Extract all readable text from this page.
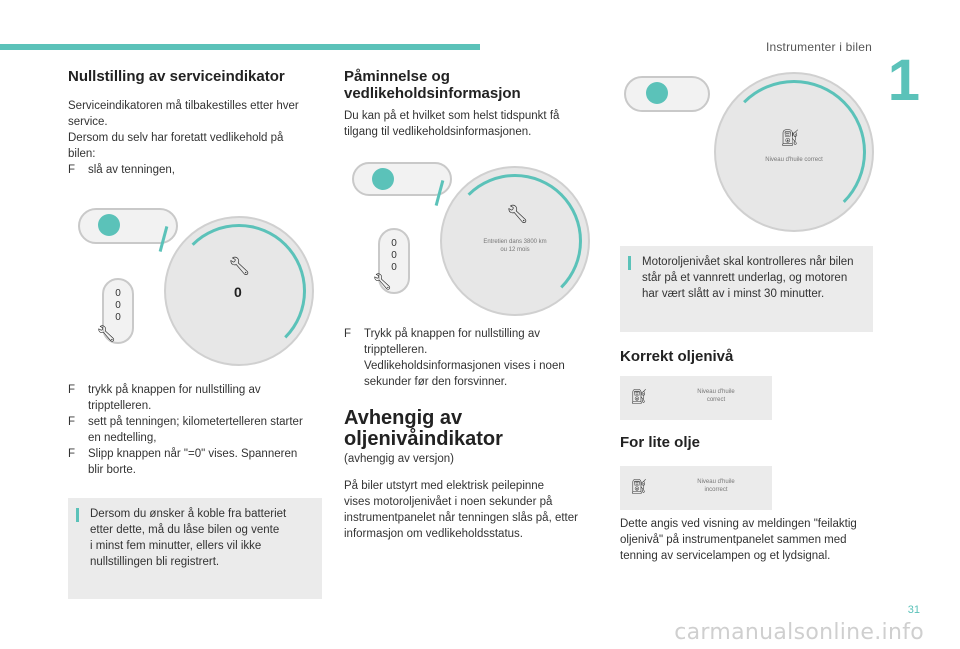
Instrumenter i bilen
1
Nullstilling av serviceindikator
Serviceindikatoren må tilbakestilles etter hver
service.
Dersom du selv har foretatt vedlikehold på
bilen:
F	slå av tenningen,
🔧︎
0
0
0
0
🔧︎
F	trykk på knappen for nullstilling av
tripptelleren.
F	sett på tenningen; kilometertelleren starter
en nedtelling,
F	Slipp knappen når "=0" vises. Spanneren
blir borte.
Dersom du ønsker å koble fra batteriet
etter dette, må du låse bilen og vente
i minst fem minutter, ellers vil ikke
nullstillingen bli registrert.
Påminnelse og
vedlikeholdsinformasjon
Du kan på et hvilket som helst tidspunkt få
tilgang til vedlikeholdsinformasjonen.
🔧︎
Entretien dans 3800 km
ou 12 mois
0
0
0
🔧︎
F	Trykk på knappen for nullstilling av
tripptelleren.
Vedlikeholdsinformasjonen vises i noen
sekunder før den forsvinner.
Avhengig av
oljenivåindikator
(avhengig av versjon)
På biler utstyrt med elektrisk peilepinne
vises motoroljenivået i noen sekunder på
instrumentpanelet når tenningen slås på, etter
informasjon om vedlikeholdsstatus.
⛽︎
Niveau d'huile correct
Motoroljenivået skal kontrolleres når bilen
står på et vannrett underlag, og motoren
har vært slått av i minst 30 minutter.
Korrekt oljenivå
⛽︎	Niveau d'huile
correct
For lite olje
⛽︎	Niveau d'huile
incorrect
Dette angis ved visning av meldingen "feilaktig
oljenivå" på instrumentpanelet sammen med
tenning av servicelampen og et lydsignal.
31
carmanualsonline.info
